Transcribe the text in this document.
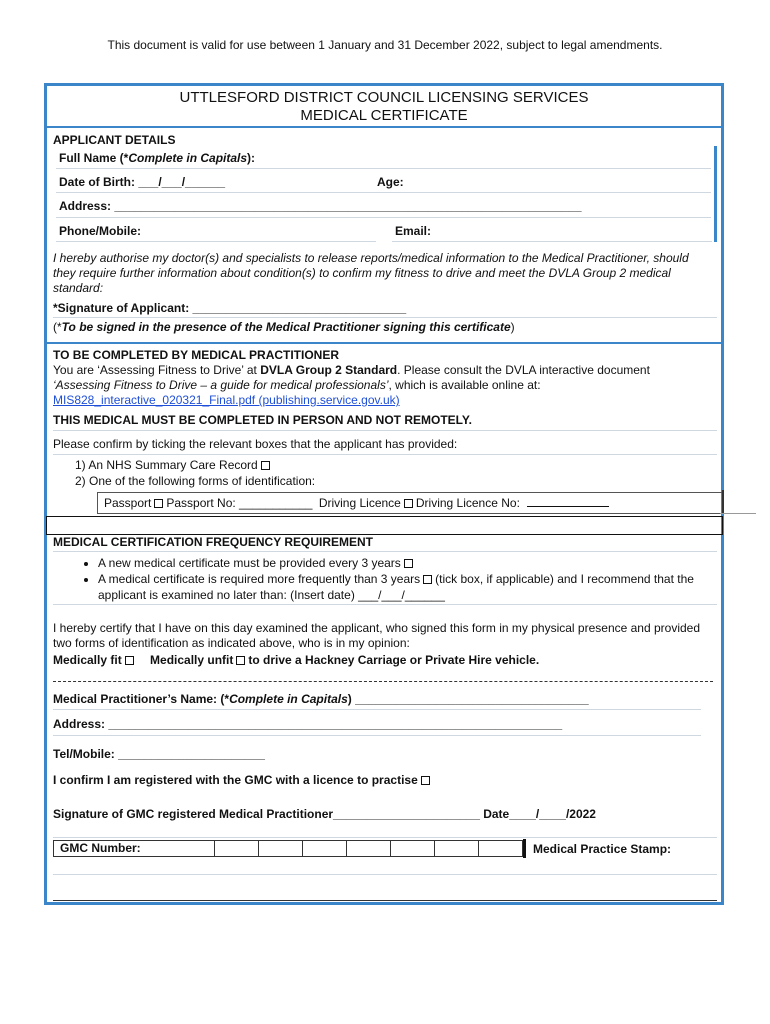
This document is valid for use between 1 January and 31 December 2022, subject to legal amendments.
UTTLESFORD DISTRICT COUNCIL LICENSING SERVICES
MEDICAL CERTIFICATE
APPLICANT DETAILS
Full Name (*Complete in Capitals):
Date of Birth: ___/___/______	Age:
Address: ______________________________________________________________________
Phone/Mobile:	Email:
I hereby authorise my doctor(s) and specialists to release reports/medical information to the Medical Practitioner, should they require further information about condition(s) to confirm my fitness to drive and meet the DVLA Group 2 medical standard:
*Signature of Applicant: ________________________________
(*To be signed in the presence of the Medical Practitioner signing this certificate)
TO BE COMPLETED BY MEDICAL PRACTITIONER
You are ‘Assessing Fitness to Drive’ at DVLA Group 2 Standard. Please consult the DVLA interactive document
‘Assessing Fitness to Drive – a guide for medical professionals’, which is available online at:
MIS828_interactive_020321_Final.pdf (publishing.service.gov.uk)
THIS MEDICAL MUST BE COMPLETED IN PERSON AND NOT REMOTELY.
Please confirm by ticking the relevant boxes that the applicant has provided:
1) An NHS Summary Care Record
2) One of the following forms of identification:
Passport Passport No: ___________ Driving Licence Driving Licence No:
MEDICAL CERTIFICATION FREQUENCY REQUIREMENT
• A new medical certificate must be provided every 3 years
• A medical certificate is required more frequently than 3 years (tick box, if applicable) and I recommend that the applicant is examined no later than: (Insert date) ___/___/______
I hereby certify that I have on this day examined the applicant, who signed this form in my physical presence and provided two forms of identification as indicated above, who is in my opinion:
Medically fit Medically unfit to drive a Hackney Carriage or Private Hire vehicle.
Medical Practitioner’s Name: (*Complete in Capitals) ___________________________________
Address: ____________________________________________________________________
Tel/Mobile: ______________________
I confirm I am registered with the GMC with a licence to practise
Signature of GMC registered Medical Practitioner______________________ Date____/____/2022
GMC Number:	Medical Practice Stamp:
